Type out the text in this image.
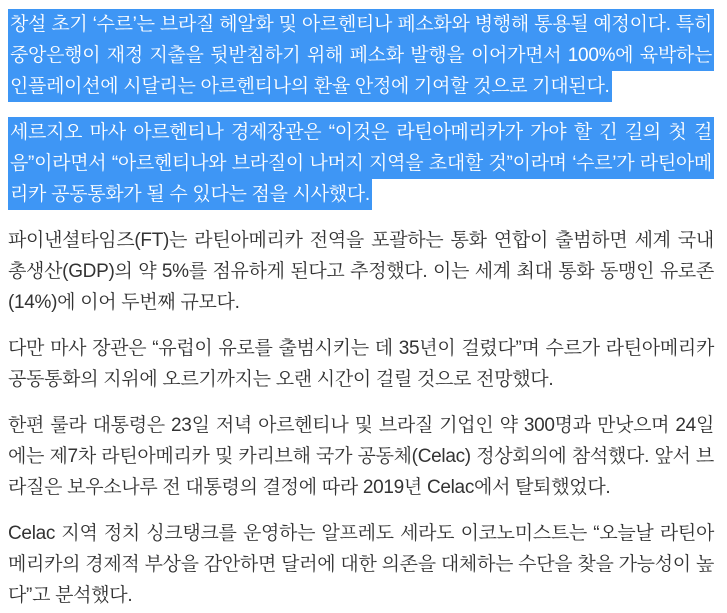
창설 초기 ‘수르’는 브라질 헤알화 및 아르헨티나 페소화와 병행해 통용될 예정이다. 특히 중앙은행이 재정 지출을 뒷받침하기 위해 페소화 발행을 이어가면서 100%에 육박하는 인플레이션에 시달리는 아르헨티나의 환율 안정에 기여할 것으로 기대된다.

세르지오 마사 아르헨티나 경제장관은 “이것은 라틴아메리카가 가야 할 긴 길의 첫 걸음”이라면서 “아르헨티나와 브라질이 나머지 지역을 초대할 것”이라며 ‘수르’가 라틴아메리카 공동통화가 될 수 있다는 점을 시사했다.

파이낸셜타임즈(FT)는 라틴아메리카 전역을 포괄하는 통화 연합이 출범하면 세계 국내총생산(GDP)의 약 5%를 점유하게 된다고 추정했다. 이는 세계 최대 통화 동맹인 유로존(14%)에 이어 두번째 규모다.

다만 마사 장관은 “유럽이 유로를 출범시키는 데 35년이 걸렸다”며 수르가 라틴아메리카 공동통화의 지위에 오르기까지는 오랜 시간이 걸릴 것으로 전망했다.

한편 룰라 대통령은 23일 저녁 아르헨티나 및 브라질 기업인 약 300명과 만낫으며 24일에는 제7차 라틴아메리카 및 카리브해 국가 공동체(Celac) 정상회의에 참석했다. 앞서 브라질은 보우소나루 전 대통령의 결정에 따라 2019년 Celac에서 탈퇴했었다.

Celac 지역 정치 싱크탱크를 운영하는 알프레도 세라도 이코노미스트는 “오늘날 라틴아메리카의 경제적 부상을 감안하면 달러에 대한 의존을 대체하는 수단을 찾을 가능성이 높다”고 분석했다.
